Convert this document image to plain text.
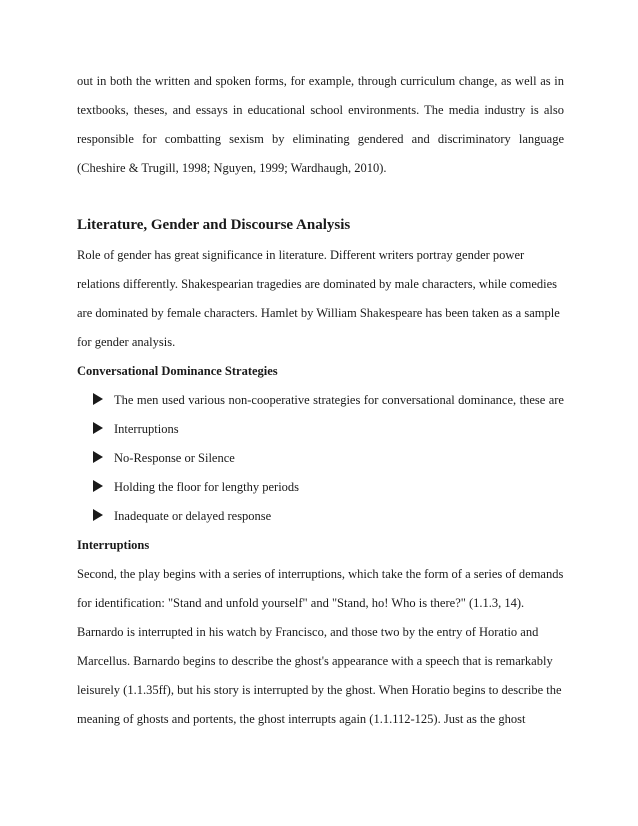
out in both the written and spoken forms, for example, through curriculum change, as well as in
textbooks, theses, and essays in educational school environments. The media industry is also
responsible for combatting sexism by eliminating gendered and discriminatory language
(Cheshire & Trugill, 1998; Nguyen, 1999; Wardhaugh, 2010).
Literature, Gender and Discourse Analysis
Role of gender has great significance in literature. Different writers portray gender power
relations differently. Shakespearian tragedies are dominated by male characters, while comedies
are dominated by female characters. Hamlet by William Shakespeare has been taken as a sample
for gender analysis.
Conversational Dominance Strategies
The men used various non-cooperative strategies for conversational dominance, these are
Interruptions
No-Response or Silence
Holding the floor for lengthy periods
Inadequate or delayed response
Interruptions
Second, the play begins with a series of interruptions, which take the form of a series of demands
for identification: "Stand and unfold yourself" and "Stand, ho! Who is there?" (1.1.3, 14).
Barnardo is interrupted in his watch by Francisco, and those two by the entry of Horatio and
Marcellus. Barnardo begins to describe the ghost's appearance with a speech that is remarkably
leisurely (1.1.35ff), but his story is interrupted by the ghost. When Horatio begins to describe the
meaning of ghosts and portents, the ghost interrupts again (1.1.112-125). Just as the ghost
